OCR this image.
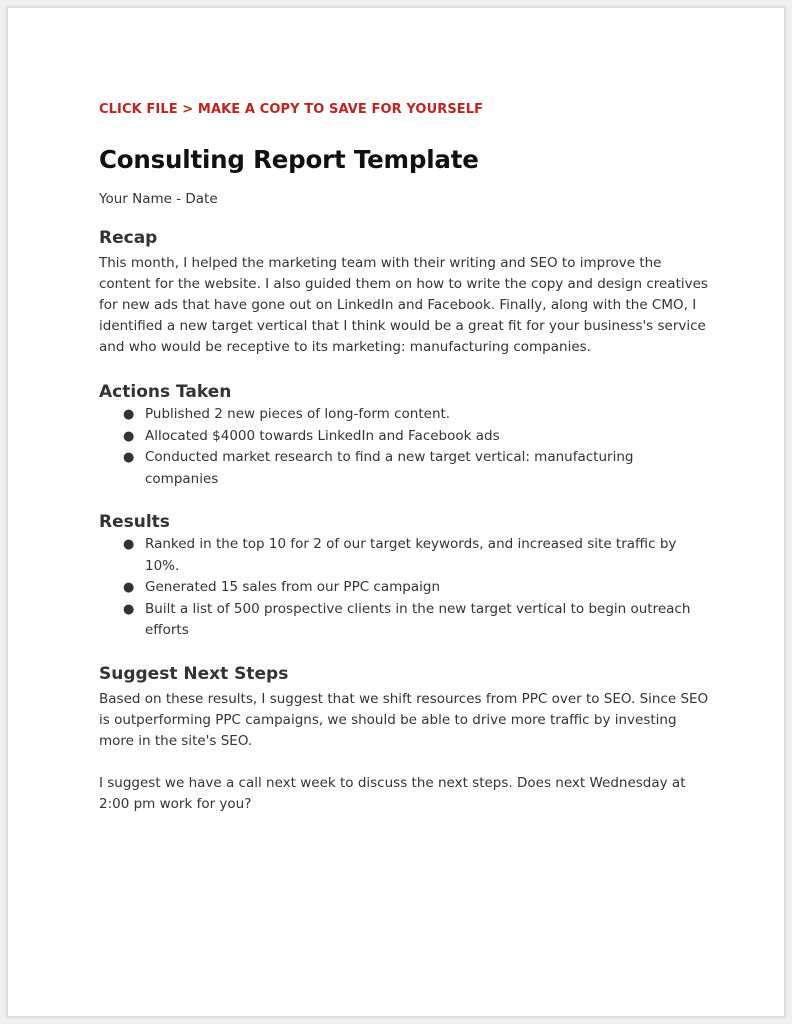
CLICK FILE > MAKE A COPY TO SAVE FOR YOURSELF

Consulting Report Template

Your Name - Date

Recap

This month, I helped the marketing team with their writing and SEO to improve the content for the website. I also guided them on how to write the copy and design creatives for new ads that have gone out on LinkedIn and Facebook. Finally, along with the CMO, I identified a new target vertical that I think would be a great fit for your business's service and who would be receptive to its marketing: manufacturing companies.

Actions Taken
● Published 2 new pieces of long-form content.
● Allocated $4000 towards LinkedIn and Facebook ads
● Conducted market research to find a new target vertical: manufacturing companies
Results
● Ranked in the top 10 for 2 of our target keywords, and increased site traffic by 10%.
● Generated 15 sales from our PPC campaign
● Built a list of 500 prospective clients in the new target vertical to begin outreach efforts
Suggest Next Steps

Based on these results, I suggest that we shift resources from PPC over to SEO. Since SEO is outperforming PPC campaigns, we should be able to drive more traffic by investing more in the site's SEO.

I suggest we have a call next week to discuss the next steps. Does next Wednesday at 2:00 pm work for you?
